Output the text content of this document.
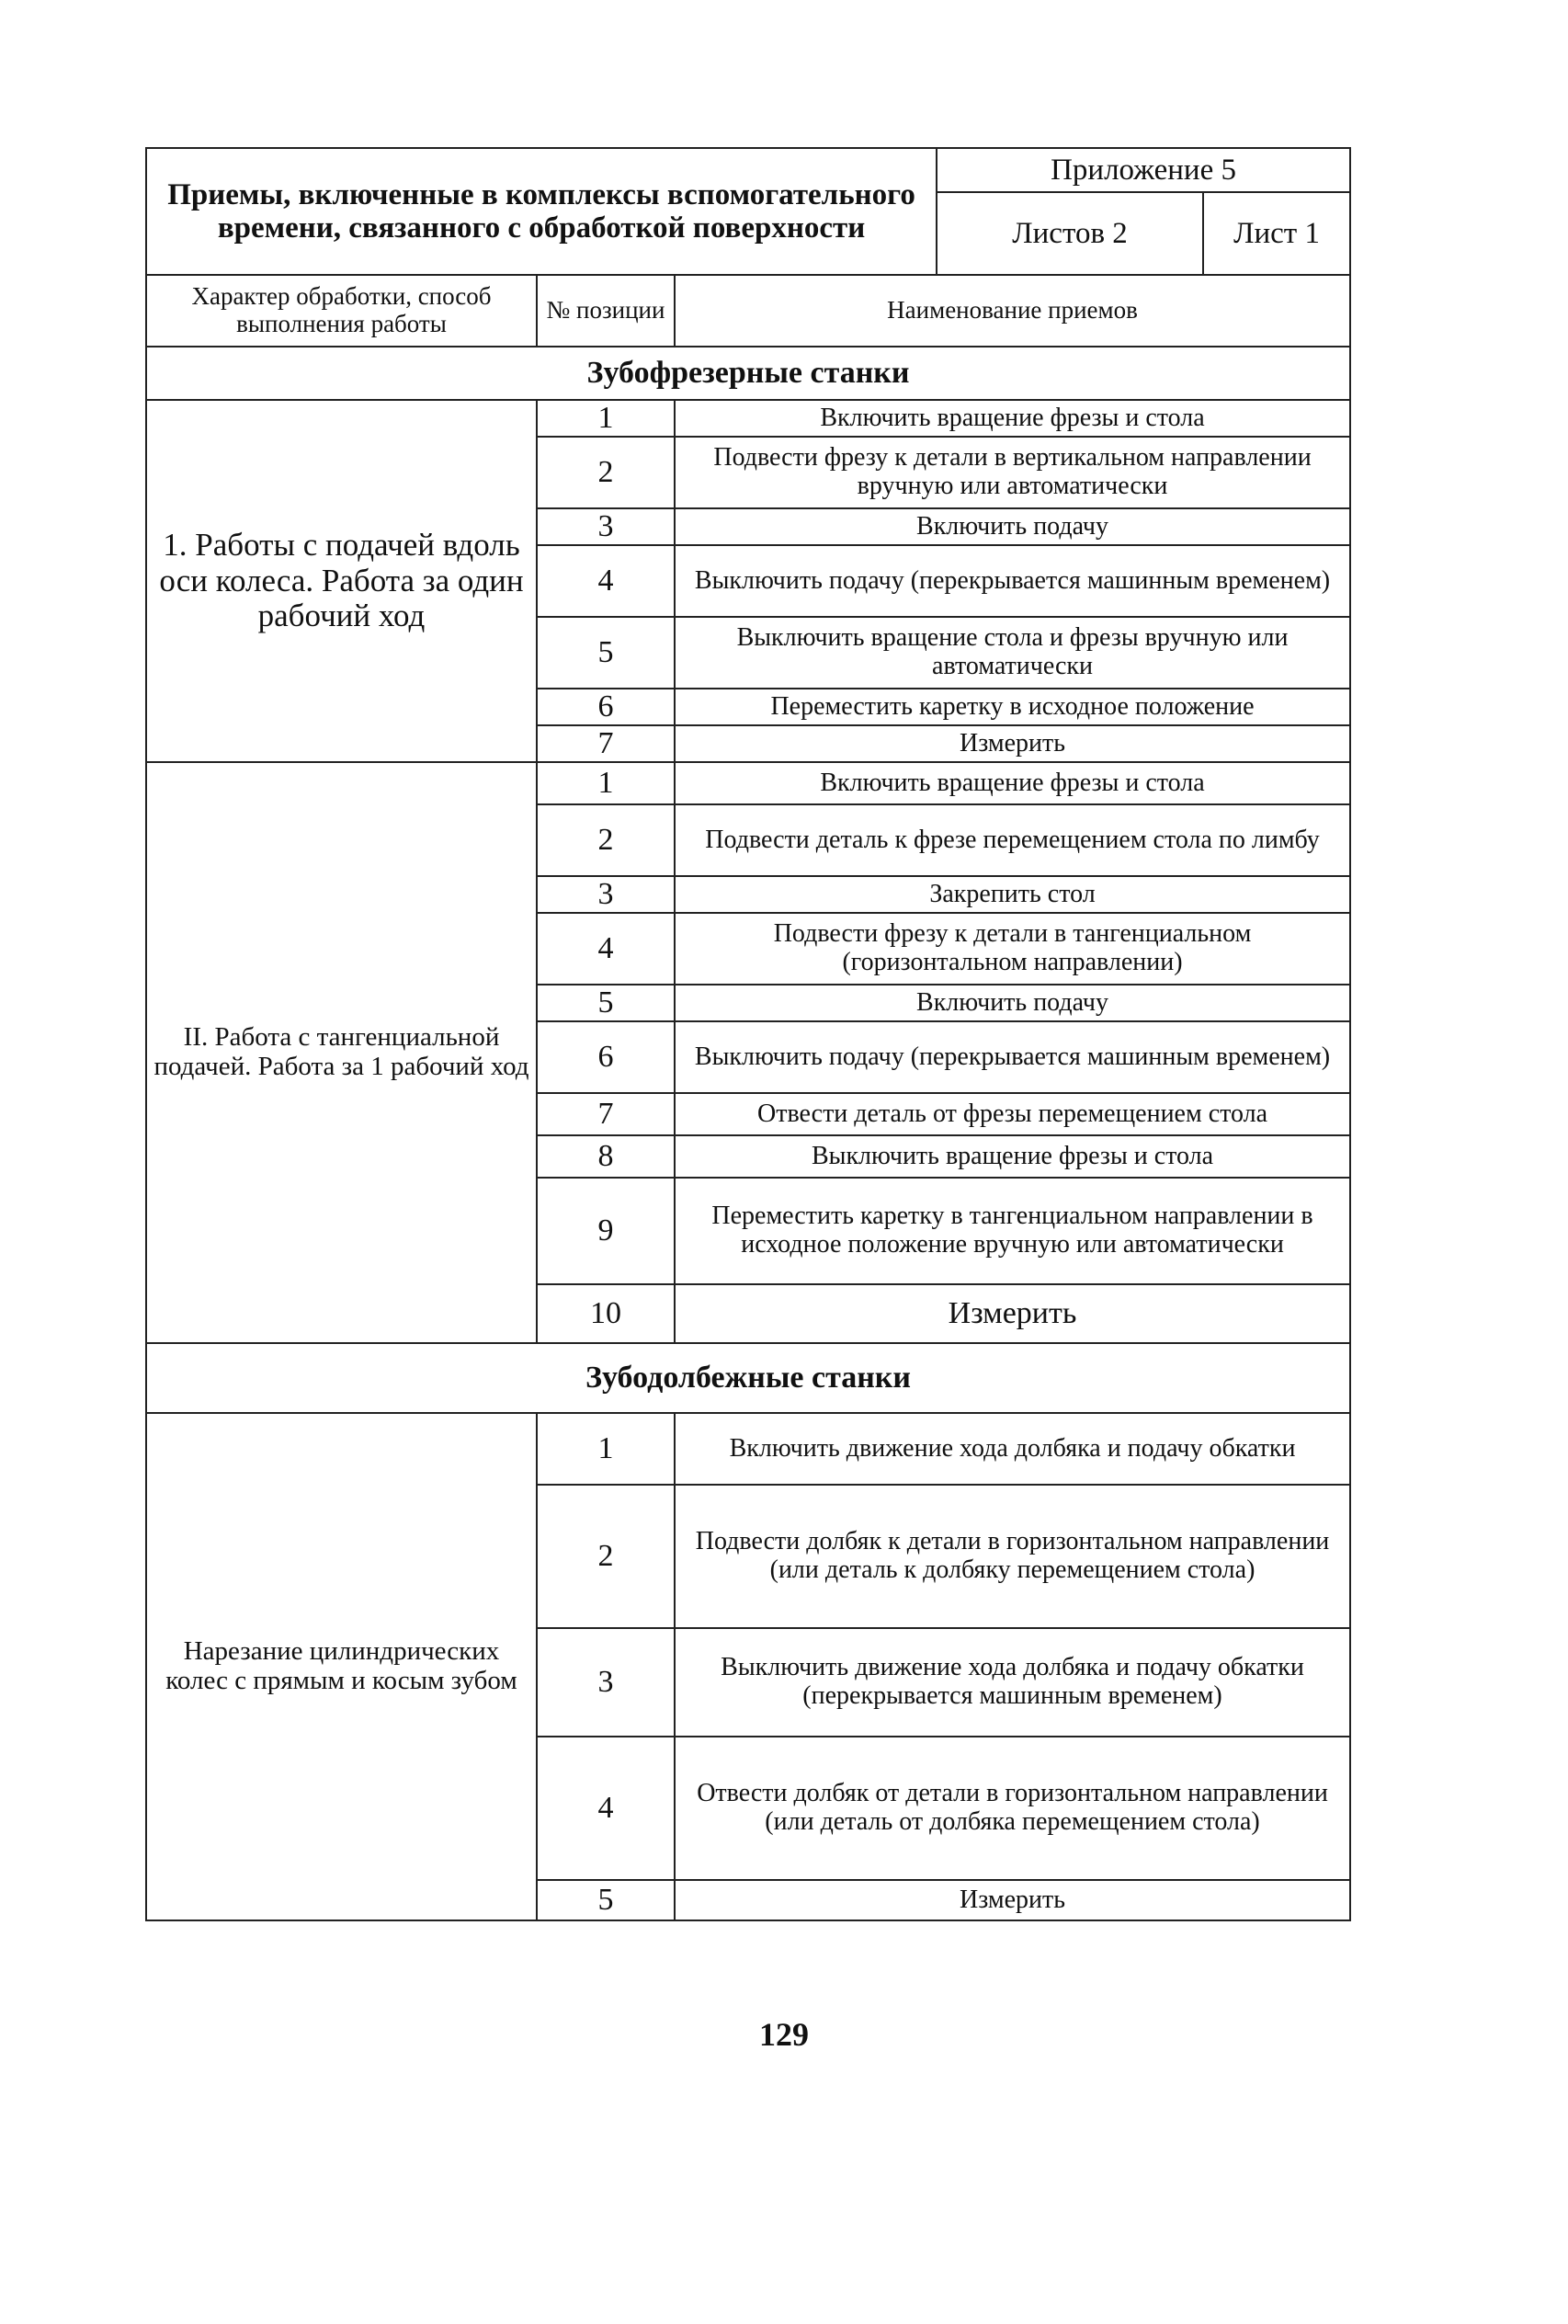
Приемы, включенные в комплексы вспомогательного времени, связанного с обработкой поверхности			Приложение 5	
			Листов 2	Лист 1
Характер обработки, способ выполнения работы	№ позиции	Наименование приемов		
Зубофрезерные станки				
1. Работы с подачей вдоль оси колеса. Работа за один рабочий ход	1	Включить вращение фрезы и стола		
	2	Подвести фрезу к детали в вертикальном направлении вручную или автоматически		
	3	Включить подачу		
	4	Выключить подачу (перекрывается машинным временем)		
	5	Выключить вращение стола и фрезы вручную или автоматически		
	6	Переместить каретку в исходное положение		
	7	Измерить		
II. Работа с тангенциальной подачей. Работа за 1 рабочий ход	1	Включить вращение фрезы и стола		
	2	Подвести деталь к фрезе перемещением стола по лимбу		
	3	Закрепить стол		
	4	Подвести фрезу к детали в тангенциальном (горизонтальном направлении)		
	5	Включить подачу		
	6	Выключить подачу (перекрывается машинным временем)		
	7	Отвести деталь от фрезы перемещением стола		
	8	Выключить вращение фрезы и стола		
	9	Переместить каретку в тангенциальном направлении в исходное положение вручную или автоматически		
	10	Измерить		
Зубодолбежные станки				
Нарезание цилиндрических колес с прямым и косым зубом	1	Включить движение хода долбяка и подачу обкатки		
	2	Подвести долбяк к детали в горизонтальном направлении (или деталь к долбяку перемещением стола)		
	3	Выключить движение хода долбяка и подачу обкатки (перекрывается машинным временем)		
	4	Отвести долбяк от детали в горизонтальном направлении (или деталь от долбяка перемещением стола)		
	5	Измерить		
129
